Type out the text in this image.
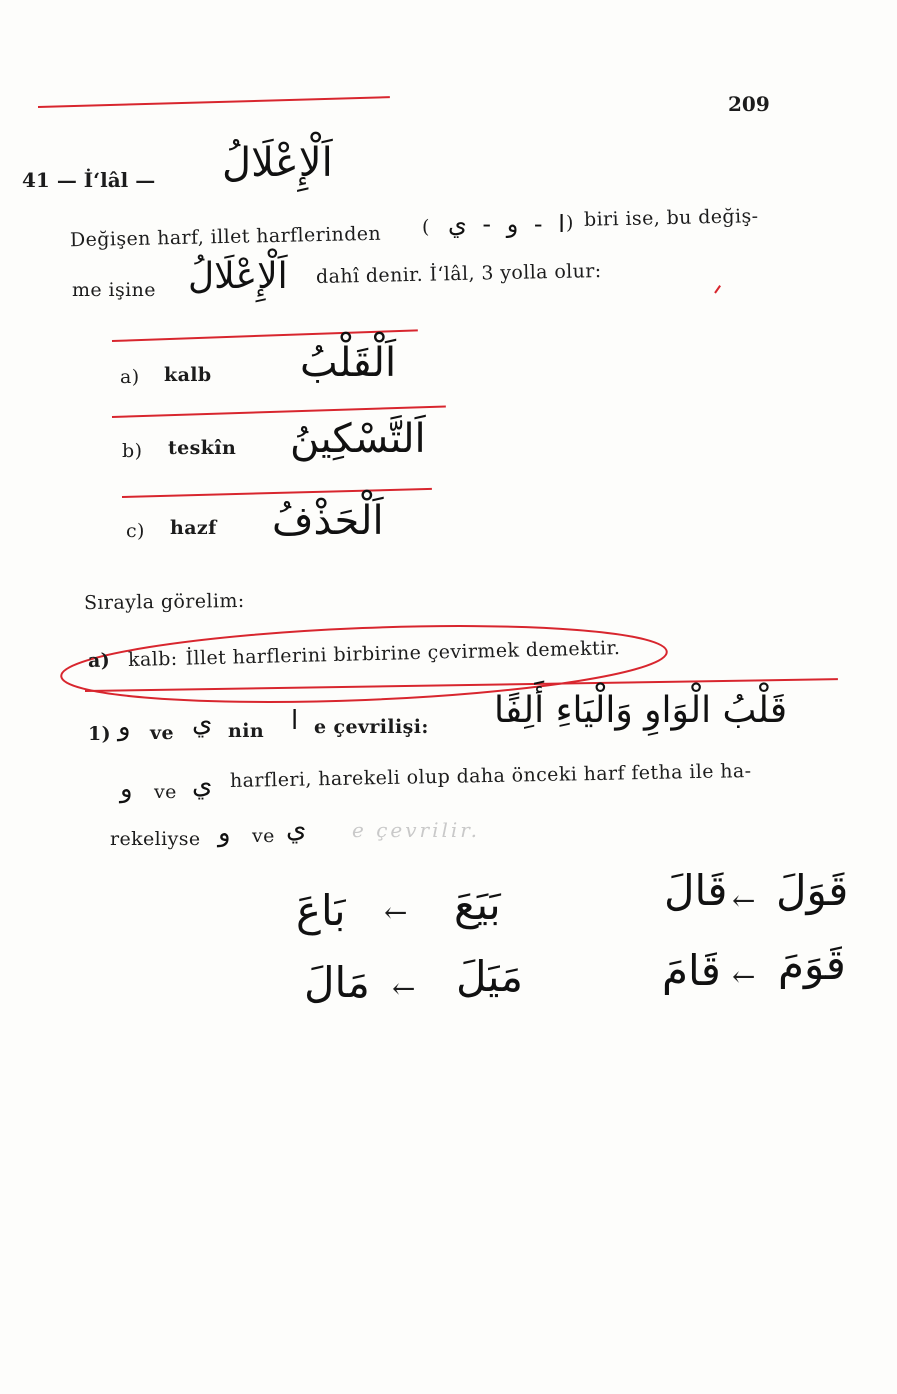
209
41 — İ‘lâl — اَلْإِعْلَالُ
Değişen harf, illet harflerinden ( ا - و - ي ) biri ise, bu değiş-
me işine اَلْإِعْلَالُ dahî denir. İ‘lâl, 3 yolla olur:
a) kalb اَلْقَلْبُ
b) teskîn اَلتَّسْكِينُ
c) hazf اَلْحَذْفُ
Sırayla görelim:
a) kalb: İllet harflerini birbirine çevirmek demektir.
1) و ve ي nin ا e çevrilişi: قَلْبُ الْوَاوِ وَالْيَاءِ أَلِفًا
و ve ي harfleri, harekeli olup daha önceki harf fetha ile ha-
rekeliyse و ve ي e çevrilir.
قَوَلَ
←
قَالَ
بَيَعَ
←
بَاعَ
قَوَمَ
←
قَامَ
مَيَلَ
←
مَالَ
